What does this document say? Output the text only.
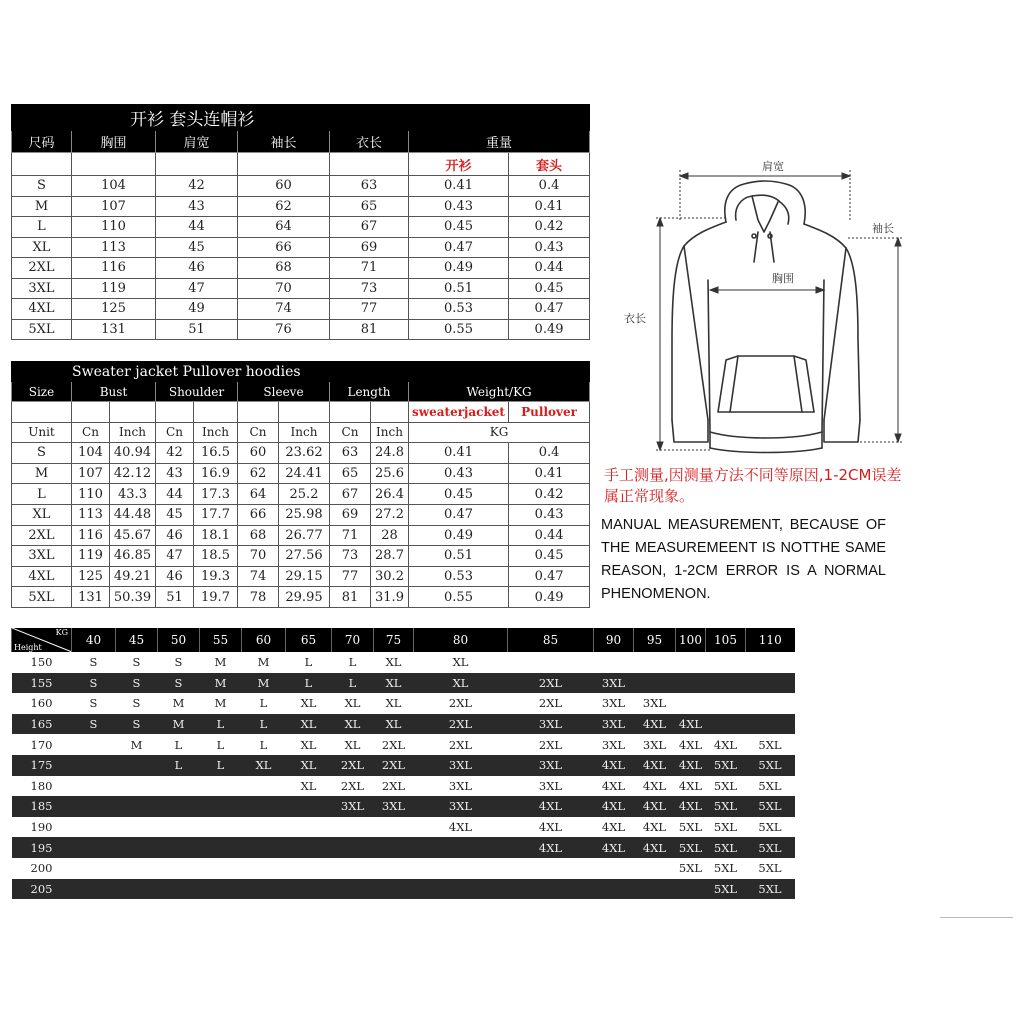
开衫 套头连帽衫						
尺码	胸围	肩宽	袖长	衣长	重量	
					开衫	套头
S	104	42	60	63	0.41	0.4
M	107	43	62	65	0.43	0.41
L	110	44	64	67	0.45	0.42
XL	113	45	66	69	0.47	0.43
2XL	116	46	68	71	0.49	0.44
3XL	119	47	70	73	0.51	0.45
4XL	125	49	74	77	0.53	0.47
5XL	131	51	76	81	0.55	0.49
Sweater jacket Pullover hoodies										
Size	Bust		Shoulder		Sleeve		Length		Weight/KG	
									sweaterjacket	Pullover
Unit	Cn	Inch	Cn	Inch	Cn	Inch	Cn	Inch	KG	
S	104	40.94	42	16.5	60	23.62	63	24.8	0.41	0.4
M	107	42.12	43	16.9	62	24.41	65	25.6	0.43	0.41
L	110	43.3	44	17.3	64	25.2	67	26.4	0.45	0.42
XL	113	44.48	45	17.7	66	25.98	69	27.2	0.47	0.43
2XL	116	45.67	46	18.1	68	26.77	71	28	0.49	0.44
3XL	119	46.85	47	18.5	70	27.56	73	28.7	0.51	0.45
4XL	125	49.21	46	19.3	74	29.15	77	30.2	0.53	0.47
5XL	131	50.39	51	19.7	78	29.95	81	31.9	0.55	0.49
KG
Height	40	45	50	55	60	65	70	75	80	85	90	95	100	105	110
150	S	S	S	M	M	L	L	XL	XL						
155	S	S	S	M	M	L	L	XL	XL	2XL	3XL				
160	S	S	M	M	L	XL	XL	XL	2XL	2XL	3XL	3XL			
165	S	S	M	L	L	XL	XL	XL	2XL	3XL	3XL	4XL	4XL		
170		M	L	L	L	XL	XL	2XL	2XL	2XL	3XL	3XL	4XL	4XL	5XL
175			L	L	XL	XL	2XL	2XL	3XL	3XL	4XL	4XL	4XL	5XL	5XL
180						XL	2XL	2XL	3XL	3XL	4XL	4XL	4XL	5XL	5XL
185							3XL	3XL	3XL	4XL	4XL	4XL	4XL	5XL	5XL
190									4XL	4XL	4XL	4XL	5XL	5XL	5XL
195										4XL	4XL	4XL	5XL	5XL	5XL
200													5XL	5XL	5XL
205														5XL	5XL
肩宽
袖长
胸围
衣长
手工测量,因测量方法不同等原因,1-2CM误差属正常现象。
MANUAL MEASUREMENT, BECAUSE OF THE MEASUREMEENT IS NOTTHE SAME REASON, 1-2CM ERROR IS A NORMAL PHENOMENON.
